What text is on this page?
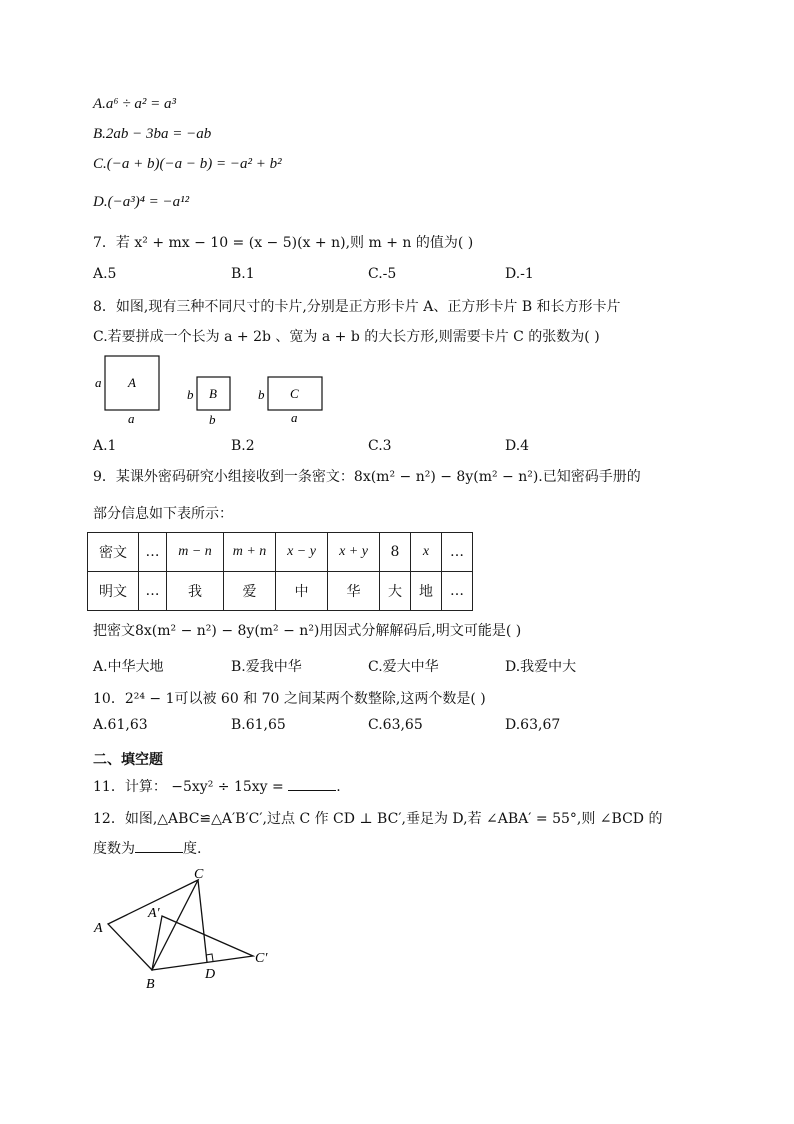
A.a⁶ ÷ a² = a³
B.2ab − 3ba = −ab
C.(−a + b)(−a − b) = −a² + b²
D.(−a³)⁴ = −a¹²
7．若 x² + mx − 10 = (x − 5)(x + n),则 m + n 的值为( )
A.5	B.1	C.-5	D.-1
8．如图,现有三种不同尺寸的卡片,分别是正方形卡片 A、正方形卡片 B 和长方形卡片
C.若要拼成一个长为 a + 2b 、宽为 a + b 的大长方形,则需要卡片 C 的张数为( )
a A
a
b B
b
b C
a
A.1	B.2	C.3	D.4
9．某课外密码研究小组接收到一条密文：8x(m² − n²) − 8y(m² − n²).已知密码手册的
部分信息如下表所示：
密文	…	m − n	m + n	x − y	x + y	8	x	…
明文	…	我	爱	中	华	大	地	…
把密文8x(m² − n²) − 8y(m² − n²)用因式分解解码后,明文可能是( )
A.中华大地	B.爱我中华	C.爱大中华	D.我爱中大
10．2²⁴ − 1可以被 60 和 70 之间某两个数整除,这两个数是( )
A.61,63	B.61,65	C.63,65	D.63,67
二、填空题
11．计算： −5xy² ÷ 15xy =	.
12．如图,△ABC≌△A′B′C′,过点 C 作 CD ⊥ BC′,垂足为 D,若 ∠ABA′ = 55°,则 ∠BCD 的
度数为	度.
A
A′
B
C
C′
D
